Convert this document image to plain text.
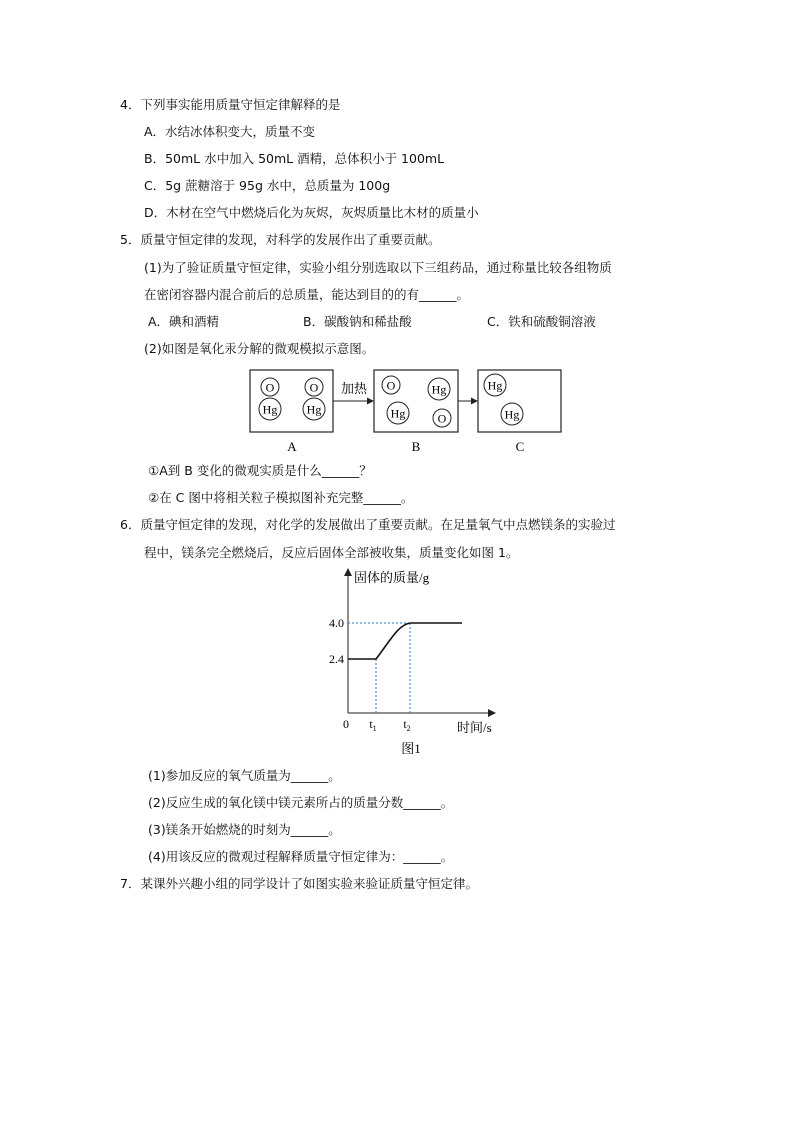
4．下列事实能用质量守恒定律解释的是
A．水结冰体积变大，质量不变
B．50mL 水中加入 50mL 酒精，总体积小于 100mL
C．5g 蔗糖溶于 95g 水中，总质量为 100g
D．木材在空气中燃烧后化为灰烬，灰烬质量比木材的质量小
5．质量守恒定律的发现，对科学的发展作出了重要贡献。
(1)为了验证质量守恒定律，实验小组分别选取以下三组药品，通过称量比较各组物质
在密闭容器内混合前后的总质量，能达到目的的有______。
A．碘和酒精	B．碳酸钠和稀盐酸	C．铁和硫酸铜溶液
(2)如图是氧化汞分解的微观模拟示意图。
O	O
Hg Hg
加热 O	Hg
Hg	O
Hg
Hg
A	B	C
①A到 B 变化的微观实质是什么______？
②在 C 图中将相关粒子模拟图补充完整______。
6．质量守恒定律的发现，对化学的发展做出了重要贡献。在足量氧气中点燃镁条的实验过
程中，镁条完全燃烧后，反应后固体全部被收集，质量变化如图 1。
固体的质量/g
时间/s
0
图1
2.4
4.0
$t_1$ $t_2$
(1)参加反应的氧气质量为______。
(2)反应生成的氧化镁中镁元素所占的质量分数______。
(3)镁条开始燃烧的时刻为______。
(4)用该反应的微观过程解释质量守恒定律为：______。
7．某课外兴趣小组的同学设计了如图实验来验证质量守恒定律。
